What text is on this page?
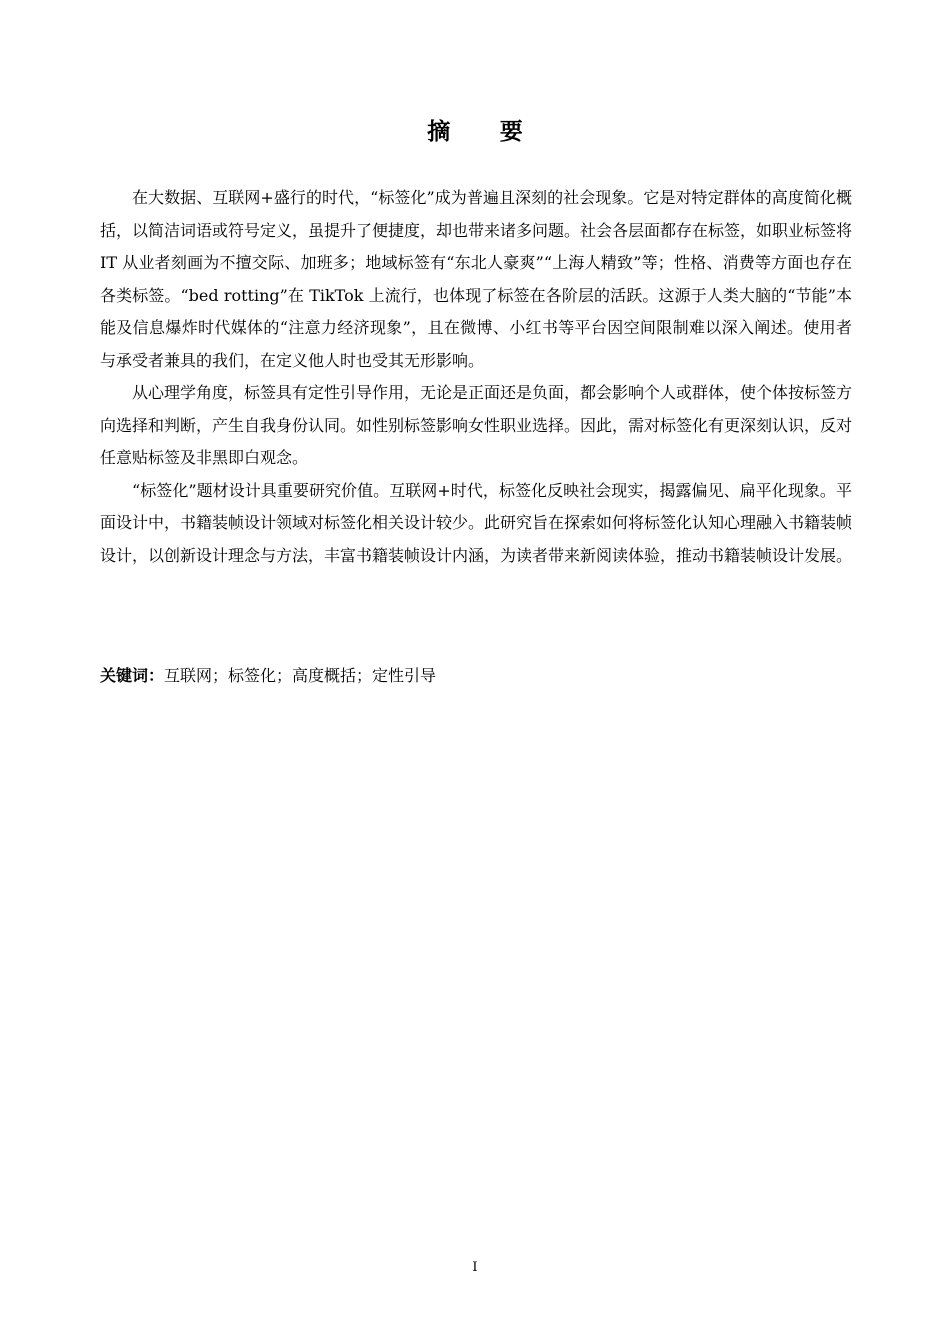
摘 要

在大数据、互联网+盛行的时代，“标签化”成为普遍且深刻的社会现象。它是对特定群体的高度简化概括，以简洁词语或符号定义，虽提升了便捷度，却也带来诸多问题。社会各层面都存在标签，如职业标签将 IT 从业者刻画为不擅交际、加班多；地域标签有“东北人豪爽”“上海人精致”等；性格、消费等方面也存在各类标签。“bed rotting”在 TikTok 上流行，也体现了标签在各阶层的活跃。这源于人类大脑的“节能”本能及信息爆炸时代媒体的“注意力经济现象”，且在微博、小红书等平台因空间限制难以深入阐述。使用者与承受者兼具的我们，在定义他人时也受其无形影响。

从心理学角度，标签具有定性引导作用，无论是正面还是负面，都会影响个人或群体，使个体按标签方向选择和判断，产生自我身份认同。如性别标签影响女性职业选择。因此，需对标签化有更深刻认识，反对任意贴标签及非黑即白观念。

“标签化”题材设计具重要研究价值。互联网+时代，标签化反映社会现实，揭露偏见、扁平化现象。平面设计中，书籍装帧设计领域对标签化相关设计较少。此研究旨在探索如何将标签化认知心理融入书籍装帧设计，以创新设计理念与方法，丰富书籍装帧设计内涵，为读者带来新阅读体验，推动书籍装帧设计发展。

关键词：互联网；标签化；高度概括；定性引导
I
